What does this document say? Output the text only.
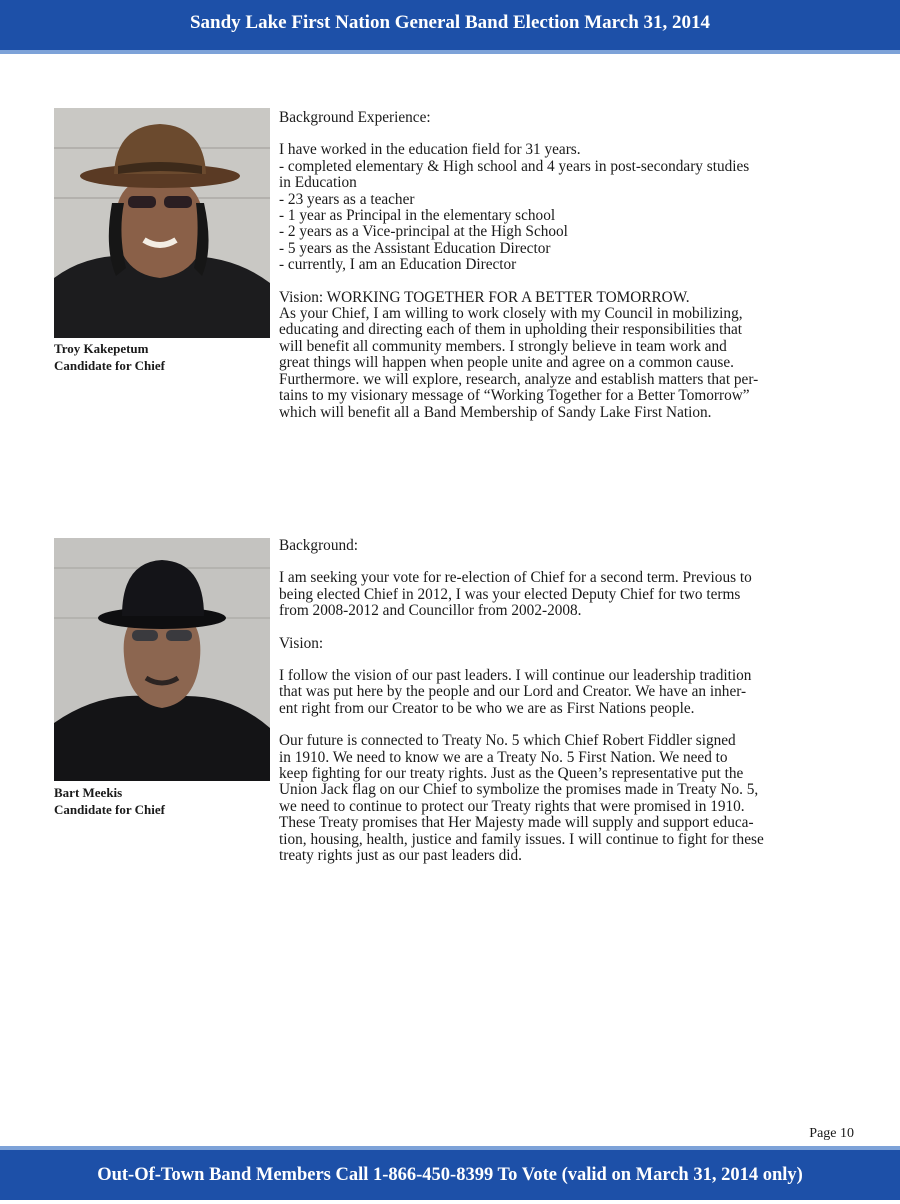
Sandy Lake First Nation General Band Election March 31, 2014
Troy Kakepetum
Candidate for Chief

Background Experience:

I have worked in the education field for 31 years.

- completed elementary & High school and 4 years in post-secondary studies

in Education

- 23 years as a teacher

- 1 year as Principal in the elementary school

- 2 years as a Vice-principal at the High School

- 5 years as the Assistant Education Director

- currently, I am an Education Director

Vision: WORKING TOGETHER FOR A BETTER TOMORROW.

As your Chief, I am willing to work closely with my Council in mobilizing,

educating and directing each of them in upholding their responsibilities that

will benefit all community members. I strongly believe in team work and

great things will happen when people unite and agree on a common cause.

Furthermore. we will explore, research, analyze and establish matters that per-

tains to my visionary message of “Working Together for a Better Tomorrow”

which will benefit all a Band Membership of Sandy Lake First Nation.

Bart Meekis
Candidate for Chief

Background:

I am seeking your vote for re-election of Chief for a second term. Previous to

being elected Chief in 2012, I was your elected Deputy Chief for two terms

from 2008-2012 and Councillor from 2002-2008.

Vision:

I follow the vision of our past leaders. I will continue our leadership tradition

that was put here by the people and our Lord and Creator. We have an inher-

ent right from our Creator to be who we are as First Nations people.

Our future is connected to Treaty No. 5 which Chief Robert Fiddler signed

in 1910. We need to know we are a Treaty No. 5 First Nation. We need to

keep fighting for our treaty rights. Just as the Queen’s representative put the

Union Jack flag on our Chief to symbolize the promises made in Treaty No. 5,

we need to continue to protect our Treaty rights that were promised in 1910.

These Treaty promises that Her Majesty made will supply and support educa-

tion, housing, health, justice and family issues. I will continue to fight for these

treaty rights just as our past leaders did.

Page 10
Out-Of-Town Band Members Call 1-866-450-8399 To Vote (valid on March 31, 2014 only)
